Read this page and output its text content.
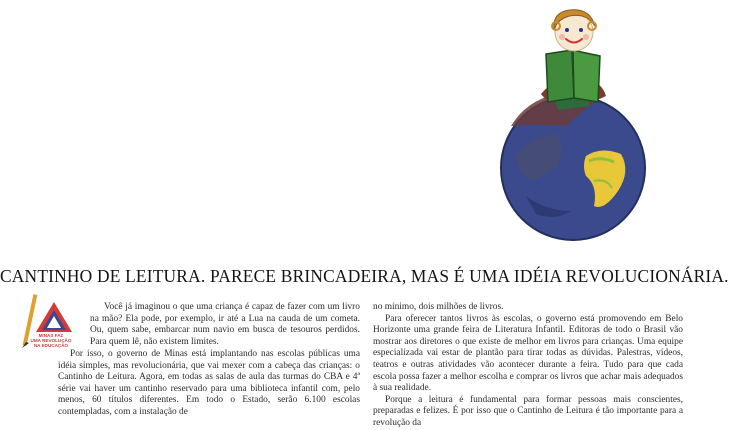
CANTINHO DE LEITURA. PARECE BRINCADEIRA, MAS É UMA IDÉIA REVOLUCIONÁRIA.
MINAS FAZ
UMA REVOLUÇÃO
NA EDUCAÇÃO

Você já imaginou o que uma criança é capaz de fazer com um livro na mão? Ela pode, por exemplo, ir até a Lua na cauda de um cometa. Ou, quem sabe, embarcar num navio em busca de tesouros perdidos. Para quem lê, não existem limites.

Por isso, o governo de Minas está implantando nas escolas públicas uma idéia simples, mas revolucionária, que vai mexer com a cabeça das crianças: o Cantinho de Leitura. Agora, em todas as salas de aula das turmas do CBA e 4ª série vai haver um cantinho reservado para uma biblioteca infantil com, pelo menos, 60 títulos diferentes. Em todo o Estado, serão 6.100 escolas contempladas, com a instalação de

no mínimo, dois milhões de livros.

Para oferecer tantos livros às escolas, o governo está promovendo em Belo Horizonte uma grande feira de Literatura Infantil. Editoras de todo o Brasil vão mostrar aos diretores o que existe de melhor em livros para crianças. Uma equipe especializada vai estar de plantão para tirar todas as dúvidas. Palestras, vídeos, teatros e outras atividades vão acontecer durante a feira. Tudo para que cada escola possa fazer a melhor escolha e comprar os livros que achar mais adequados à sua realidade.

Porque a leitura é fundamental para formar pessoas mais conscientes, preparadas e felizes. É por isso que o Cantinho de Leitura é tão importante para a revolução da
